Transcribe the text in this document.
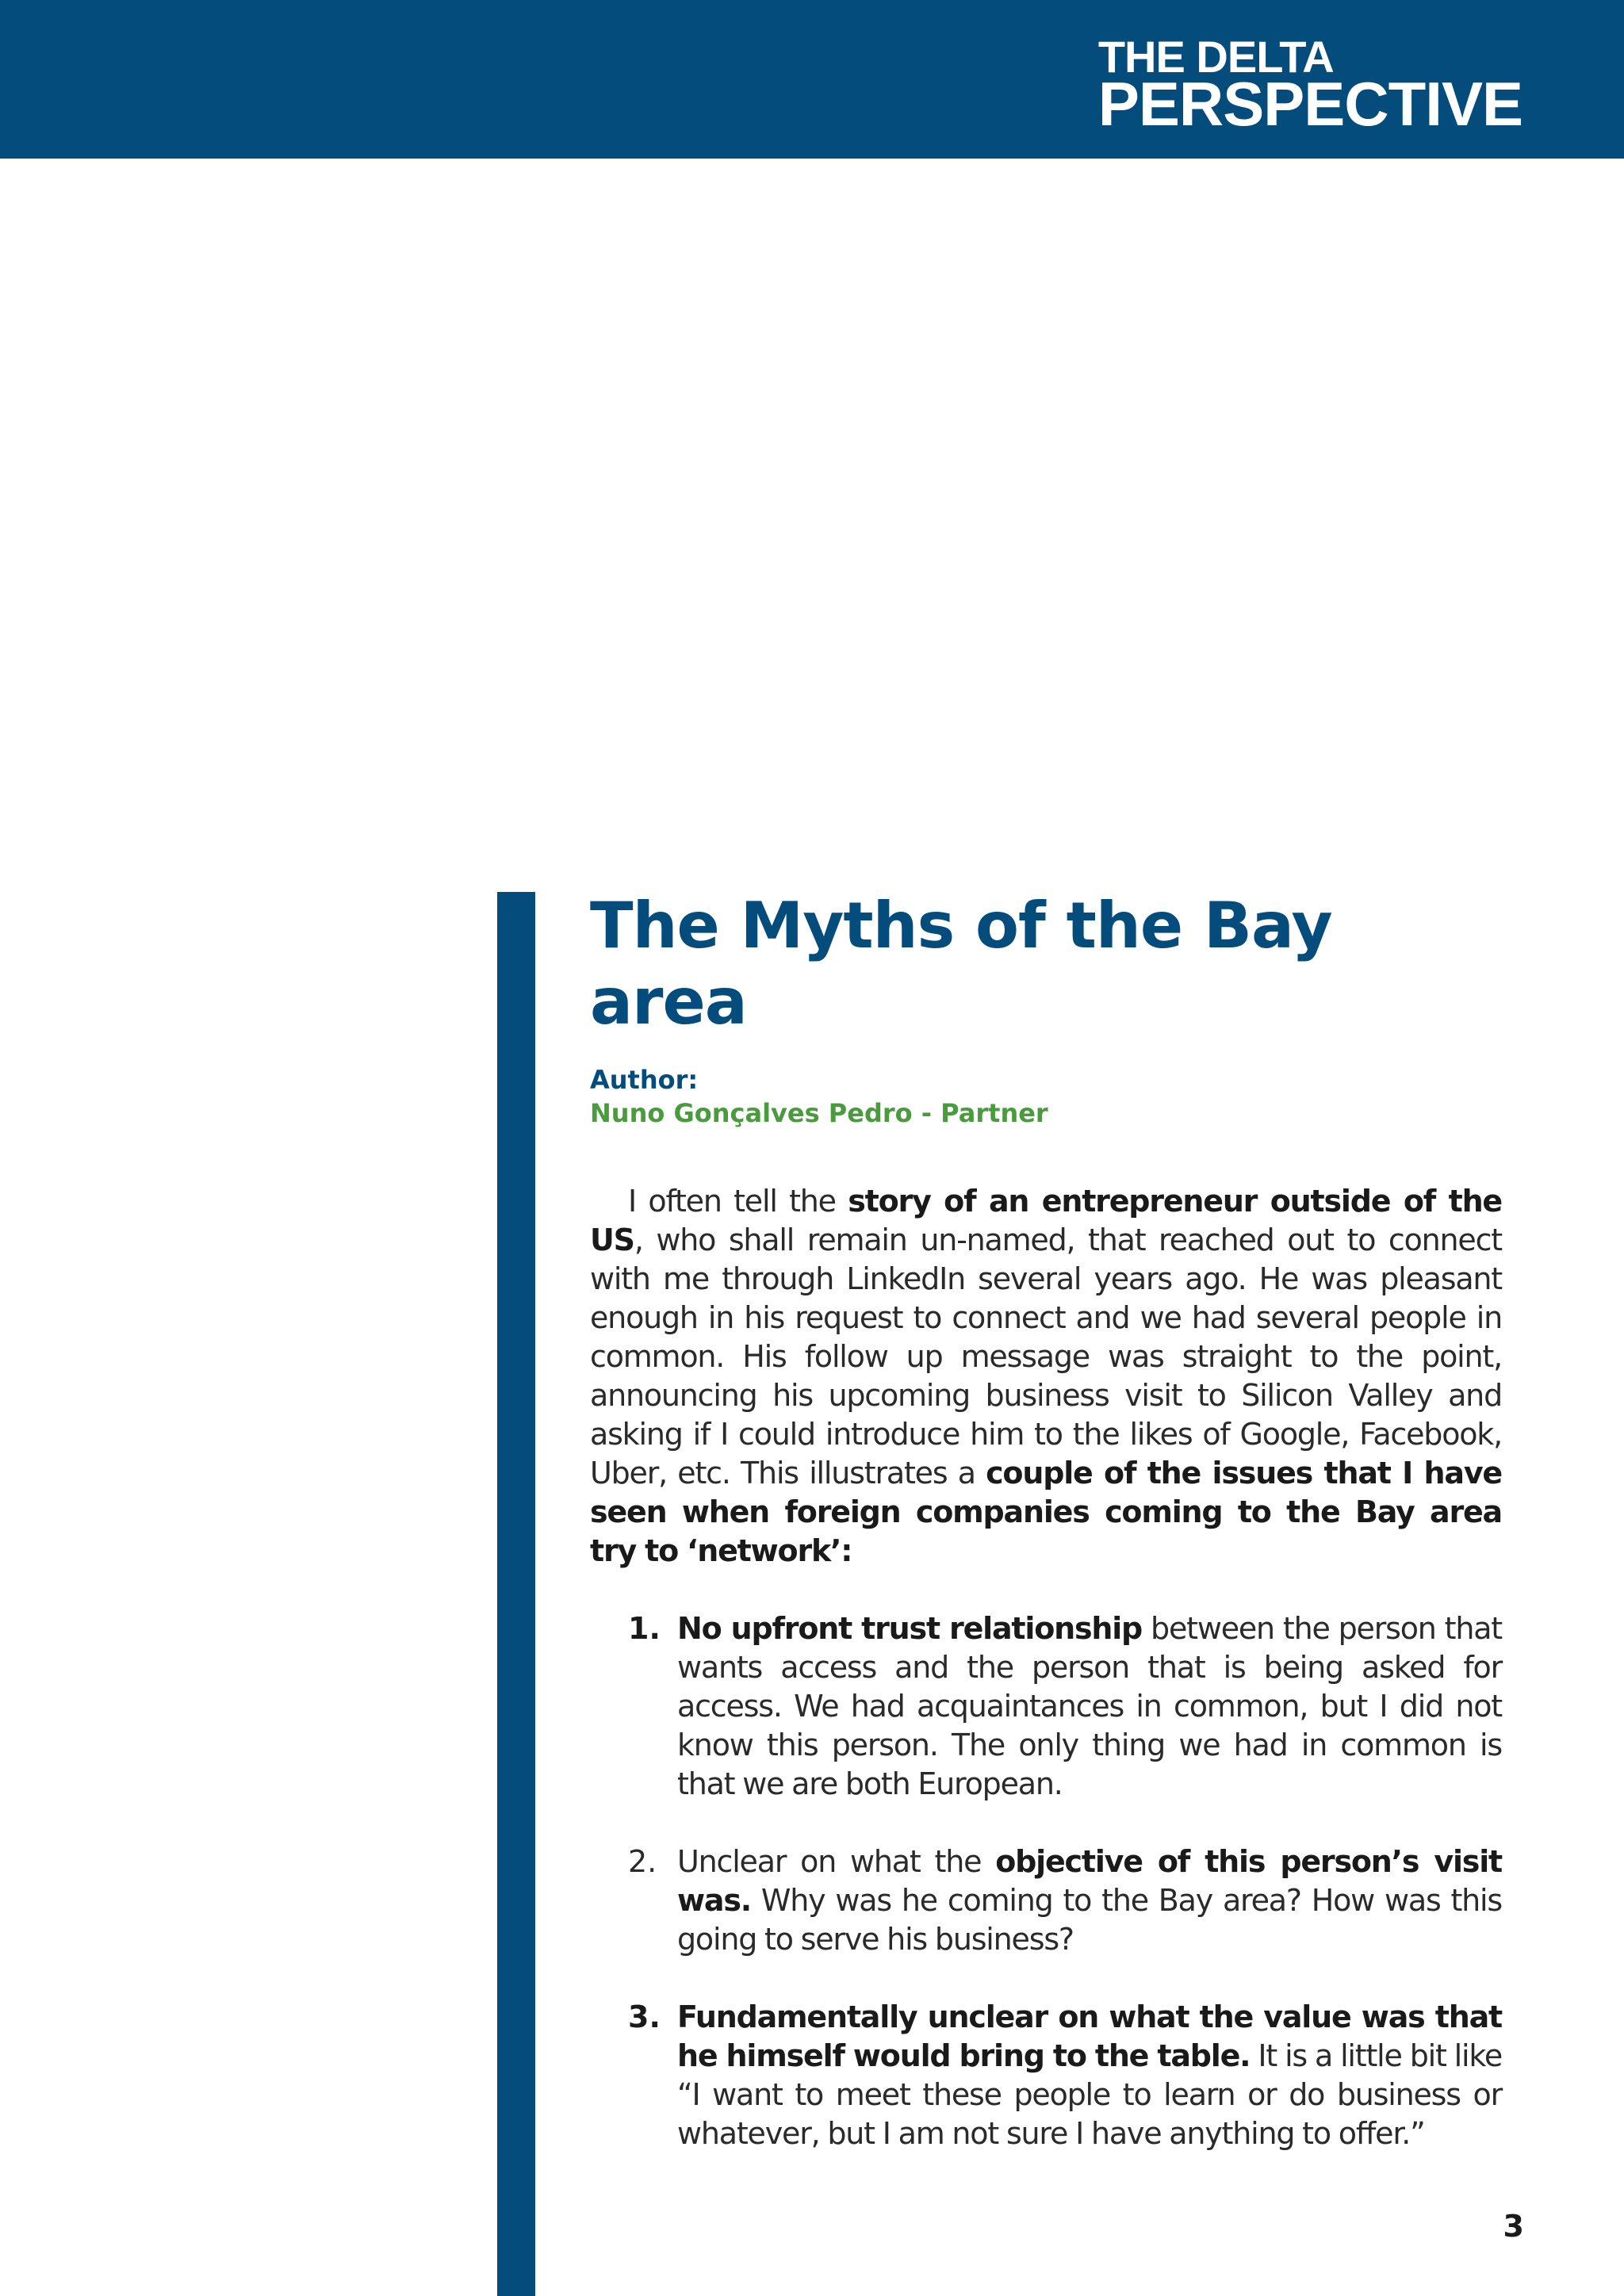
THE DELTA
PERSPECTIVE
The Myths of the Bay area
Author:
Nuno Gonçalves Pedro - Partner

I often tell the story of an entrepreneur outside of the US, who shall remain un-named, that reached out to connect with me through LinkedIn several years ago. He was pleasant enough in his request to connect and we had several people in common. His follow up message was straight to the point, announcing his upcoming business visit to Silicon Valley and asking if I could introduce him to the likes of Google, Facebook, Uber, etc. This illustrates a couple of the issues that I have seen when foreign companies coming to the Bay area try to ‘network’:

1. No upfront trust relationship between the person that wants access and the person that is being asked for access. We had acquaintances in common, but I did not know this person. The only thing we had in common is that we are both European.

2. Unclear on what the objective of this person’s visit was. Why was he coming to the Bay area? How was this going to serve his business?

3. Fundamentally unclear on what the value was that he himself would bring to the table. It is a little bit like “I want to meet these people to learn or do business or whatever, but I am not sure I have anything to offer.”

3
